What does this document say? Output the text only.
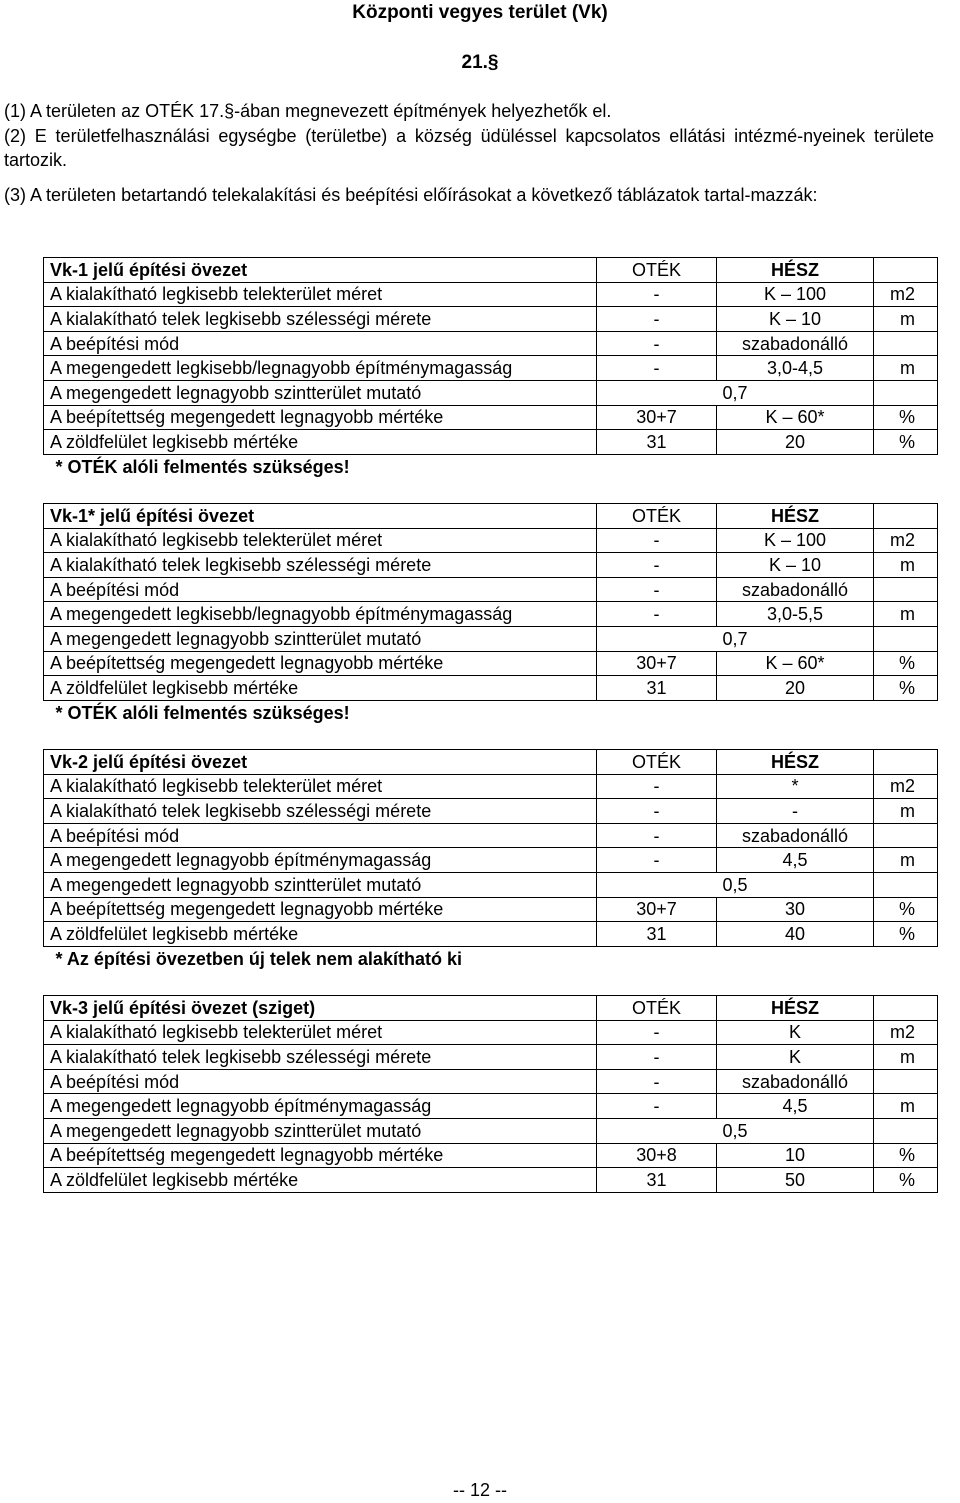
Központi vegyes terület (Vk)
21.§

(1) A területen az OTÉK 17.§-ában megnevezett építmények helyezhetők el.

(2) E területfelhasználási egységbe (területbe) a község üdüléssel kapcsolatos ellátási intézmé-nyeinek területe tartozik.

(3) A területen betartandó telekalakítási és beépítési előírásokat a következő táblázatok tartal-mazzák:

Vk-1 jelű építési övezet	OTÉK	HÉSZ	
A kialakítható legkisebb telekterület méret	-	K – 100	m2
A kialakítható telek legkisebb szélességi mérete	-	K – 10	m
A beépítési mód	-	szabadonálló	
A megengedett legkisebb/legnagyobb építménymagasság	-	3,0-4,5	m
A megengedett legnagyobb szintterület mutató	0,7		
A beépítettség megengedett legnagyobb mértéke	30+7	K – 60*	%
A zöldfelület legkisebb mértéke	31	20	%
* OTÉK alóli felmentés szükséges!			
Vk-1* jelű építési övezet	OTÉK	HÉSZ	
A kialakítható legkisebb telekterület méret	-	K – 100	m2
A kialakítható telek legkisebb szélességi mérete	-	K – 10	m
A beépítési mód	-	szabadonálló	
A megengedett legkisebb/legnagyobb építménymagasság	-	3,0-5,5	m
A megengedett legnagyobb szintterület mutató	0,7		
A beépítettség megengedett legnagyobb mértéke	30+7	K – 60*	%
A zöldfelület legkisebb mértéke	31	20	%
* OTÉK alóli felmentés szükséges!			
Vk-2 jelű építési övezet	OTÉK	HÉSZ	
A kialakítható legkisebb telekterület méret	-	*	m2
A kialakítható telek legkisebb szélességi mérete	-	-	m
A beépítési mód	-	szabadonálló	
A megengedett legnagyobb építménymagasság	-	4,5	m
A megengedett legnagyobb szintterület mutató	0,5		
A beépítettség megengedett legnagyobb mértéke	30+7	30	%
A zöldfelület legkisebb mértéke	31	40	%
* Az építési övezetben új telek nem alakítható ki			
Vk-3 jelű építési övezet (sziget)	OTÉK	HÉSZ	
A kialakítható legkisebb telekterület méret	-	K	m2
A kialakítható telek legkisebb szélességi mérete	-	K	m
A beépítési mód	-	szabadonálló	
A megengedett legnagyobb építménymagasság	-	4,5	m
A megengedett legnagyobb szintterület mutató	0,5		
A beépítettség megengedett legnagyobb mértéke	30+8	10	%
A zöldfelület legkisebb mértéke	31	50	%

-- 12 --
